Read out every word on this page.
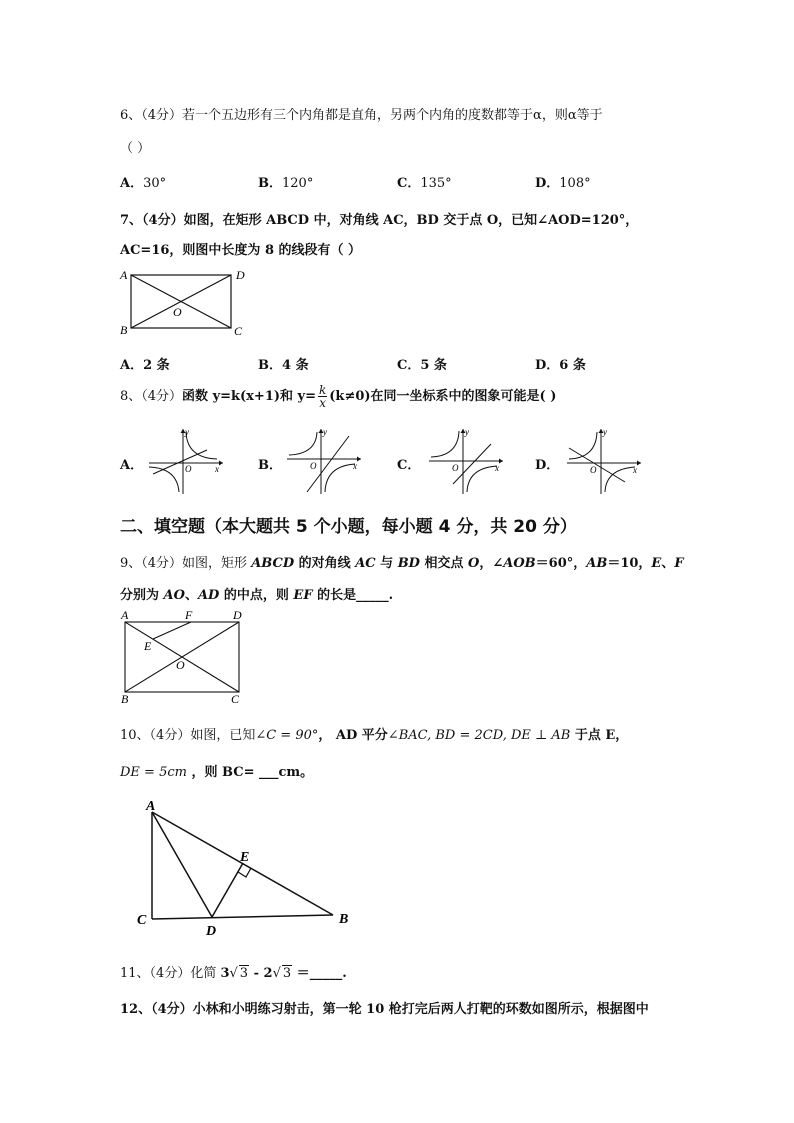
6、（4分）若一个五边形有三个内角都是直角，另两个内角的度数都等于α，则α等于
（ ）
A．30°	B．120°	C．135°	D．108°
7、（4分）如图，在矩形 ABCD 中，对角线 AC，BD 交于点 O，已知∠AOD=120°，
AC=16，则图中长度为 8 的线段有（ ）
A	D
B	C
O
A．2 条	B．4 条	C．5 条	D．6 条
8、（4分）函数 y=k(x+1)和 $y= \frac{k}{x} (k\ne 0)$在同一坐标系中的图象可能是( )
A．	B．	C．	D．
y
x
O
y
x
O
y
x
O
y
x
O
二、填空题（本大题共 5 个小题，每小题 4 分，共 20 分）
9、（4分）如图，矩形 ABCD 的对角线 AC 与 BD 相交点 O，∠AOB＝60°，AB＝10，E、F
分别为 AO、AD 的中点，则 EF 的长是_____.
A	F	D
E
O
B	C
10、（4分）如图，已知∠C = 90°， AD 平分∠BAC, BD = 2CD, DE ⊥ AB 于点 E，
DE = 5cm ，则 BC= ___cm。
A
C
D
E
B
11、（4分）化简 3√ 3 - 2√ 3 ＝_____.
12、（4分）小林和小明练习射击，第一轮 10 枪打完后两人打靶的环数如图所示，根据图中
